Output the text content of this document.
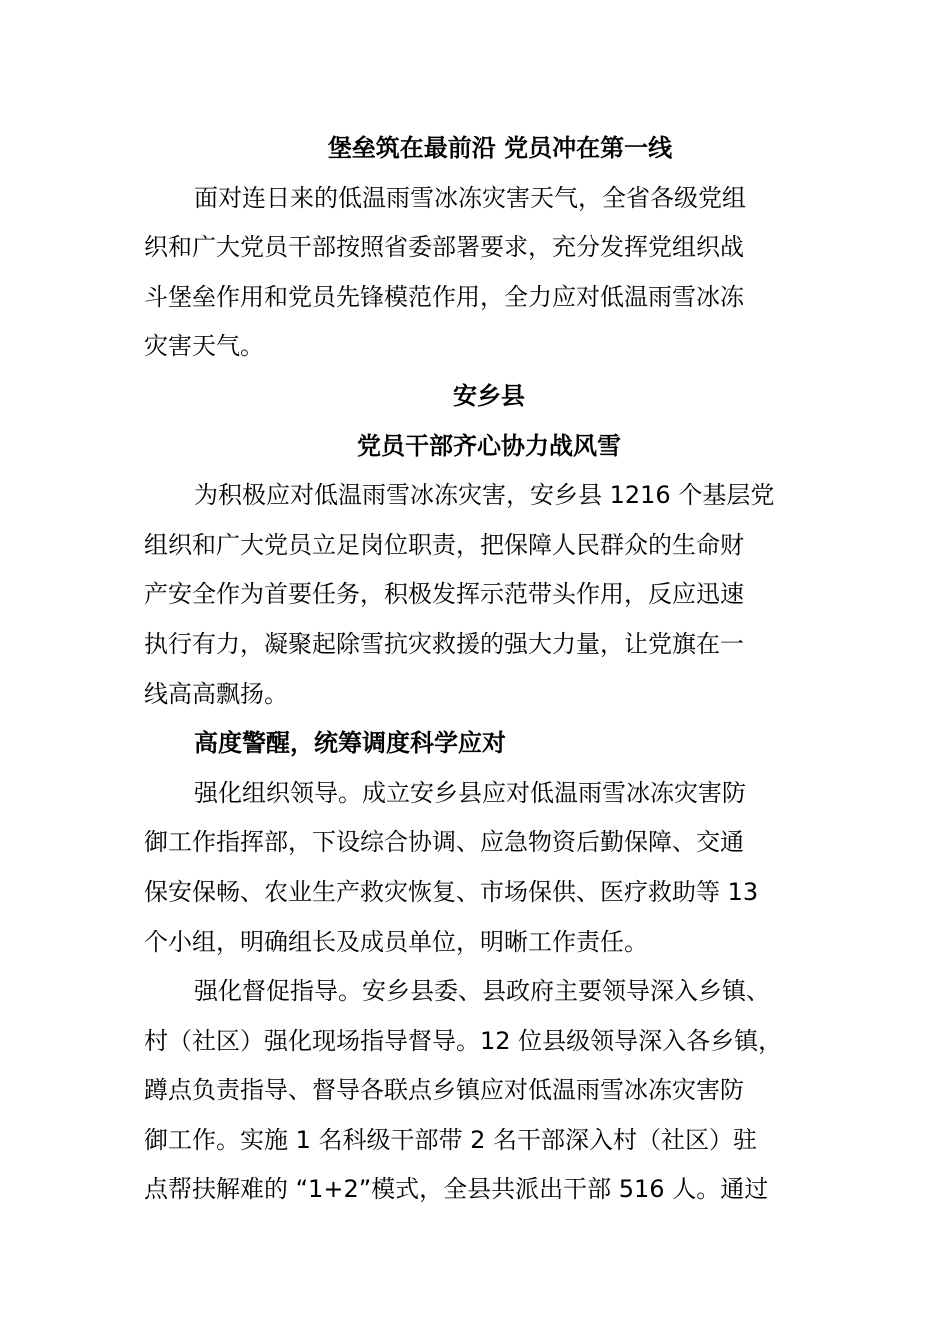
堡垒筑在最前沿 党员冲在第一线
面对连日来的低温雨雪冰冻灾害天气，全省各级党组
织和广大党员干部按照省委部署要求，充分发挥党组织战
斗堡垒作用和党员先锋模范作用，全力应对低温雨雪冰冻
灾害天气。
安乡县
党员干部齐心协力战风雪
为积极应对低温雨雪冰冻灾害，安乡县 1216 个基层党
组织和广大党员立足岗位职责，把保障人民群众的生命财
产安全作为首要任务，积极发挥示范带头作用，反应迅速
执行有力，凝聚起除雪抗灾救援的强大力量，让党旗在一
线高高飘扬。
高度警醒，统筹调度科学应对
强化组织领导。成立安乡县应对低温雨雪冰冻灾害防
御工作指挥部，下设综合协调、应急物资后勤保障、交通
保安保畅、农业生产救灾恢复、市场保供、医疗救助等 13
个小组，明确组长及成员单位，明晰工作责任。
强化督促指导。安乡县委、县政府主要领导深入乡镇、
村（社区）强化现场指导督导。12 位县级领导深入各乡镇，
蹲点负责指导、督导各联点乡镇应对低温雨雪冰冻灾害防
御工作。实施 1 名科级干部带 2 名干部深入村（社区）驻
点帮扶解难的 “1+2”模式，全县共派出干部 516 人。通过
